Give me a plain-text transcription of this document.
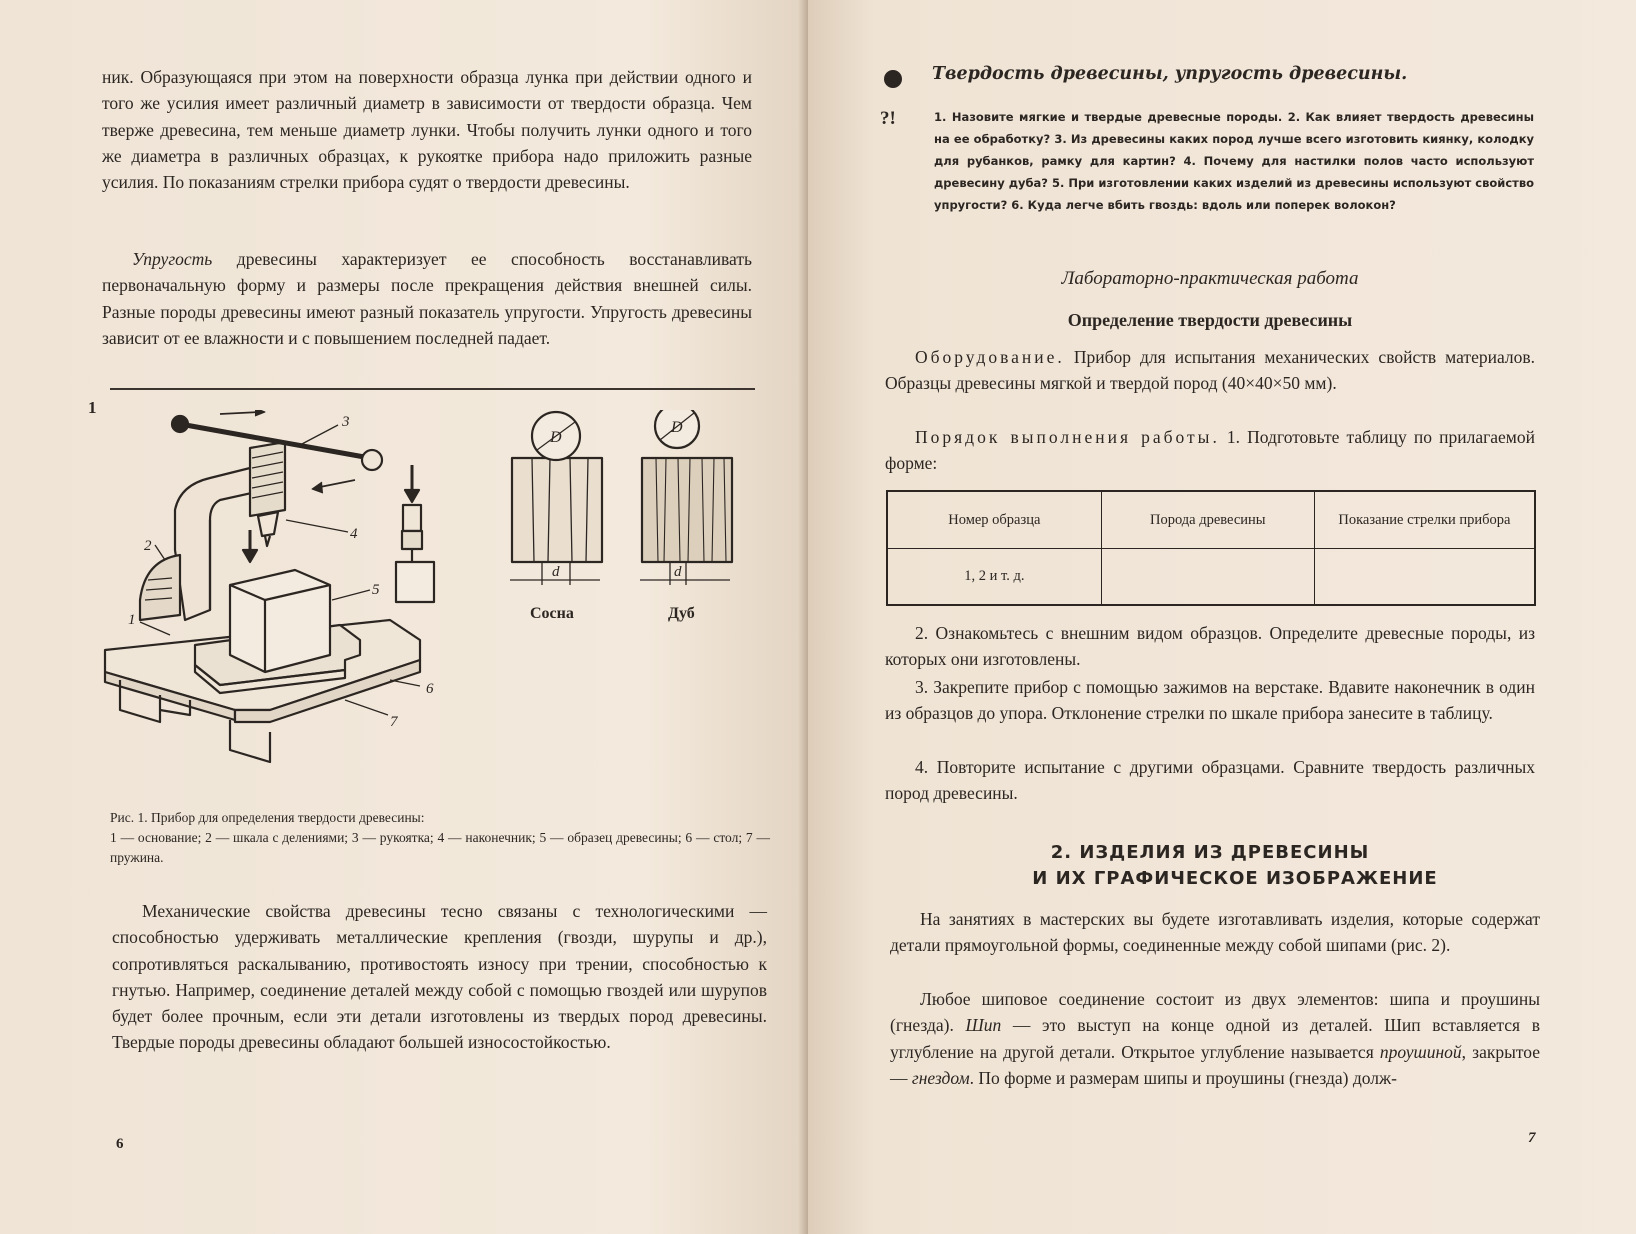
ник. Образующаяся при этом на поверхности образца лунка при действии одного и того же усилия имеет различный диаметр в зависимости от твердости образца. Чем тверже древесина, тем меньше диаметр лунки. Чтобы получить лунки одного и того же диаметра в различных образцах, к рукоятке прибора надо приложить разные усилия. По показаниям стрелки прибора судят о твердости древесины.

Упругость древесины характеризует ее способность восстанавливать первоначальную форму и размеры после прекращения действия внешней силы. Разные породы древесины имеют разный показатель упругости. Упругость древесины зависит от ее влажности и с повышением последней падает.

1
3
4
5
2
1
6
7
D
D
d	d
Сосна	Дуб
Рис. 1. Прибор для определения твердости древесины:
1 — основание; 2 — шкала с делениями; 3 — рукоятка; 4 — наконечник; 5 — образец древесины; 6 — стол; 7 — пружина.

Механические свойства древесины тесно связаны с технологическими — способностью удерживать металлические крепления (гвозди, шурупы и др.), сопротивляться раскалыванию, противостоять износу при трении, способностью к гнутью. Например, соединение деталей между собой с помощью гвоздей или шурупов будет более прочным, если эти детали изготовлены из твердых пород древесины. Твердые породы древесины обладают большей износостойкостью.

6
Твердость древесины, упругость древесины.
?!	1. Назовите мягкие и твердые древесные породы. 2. Как влияет твердость древесины на ее обработку? 3. Из древесины каких пород лучше всего изготовить киянку, колодку для рубанков, рамку для картин? 4. Почему для настилки полов часто используют древесину дуба? 5. При изготовлении каких изделий из древесины используют свойство упругости? 6. Куда легче вбить гвоздь: вдоль или поперек волокон?
Лабораторно-практическая работа
Определение твердости древесины

Оборудование. Прибор для испытания механических свойств материалов. Образцы древесины мягкой и твердой пород (40×40×50 мм).

Порядок выполнения работы. 1. Подготовьте таблицу по прилагаемой форме:

Номер образца	Порода древесины	Показание стрелки прибора
1, 2 и т. д.		

2. Ознакомьтесь с внешним видом образцов. Определите древесные породы, из которых они изготовлены.

3. Закрепите прибор с помощью зажимов на верстаке. Вдавите наконечник в один из образцов до упора. Отклонение стрелки по шкале прибора занесите в таблицу.

4. Повторите испытание с другими образцами. Сравните твердость различных пород древесины.

2. ИЗДЕЛИЯ ИЗ ДРЕВЕСИНЫ
И ИХ ГРАФИЧЕСКОЕ ИЗОБРАЖЕНИЕ

На занятиях в мастерских вы будете изготавливать изделия, которые содержат детали прямоугольной формы, соединенные между собой шипами (рис. 2).

Любое шиповое соединение состоит из двух элементов: шипа и проушины (гнезда). Шип — это выступ на конце одной из деталей. Шип вставляется в углубление на другой детали. Открытое углубление называется проушиной, закрытое — гнездом. По форме и размерам шипы и проушины (гнезда) долж-

7
